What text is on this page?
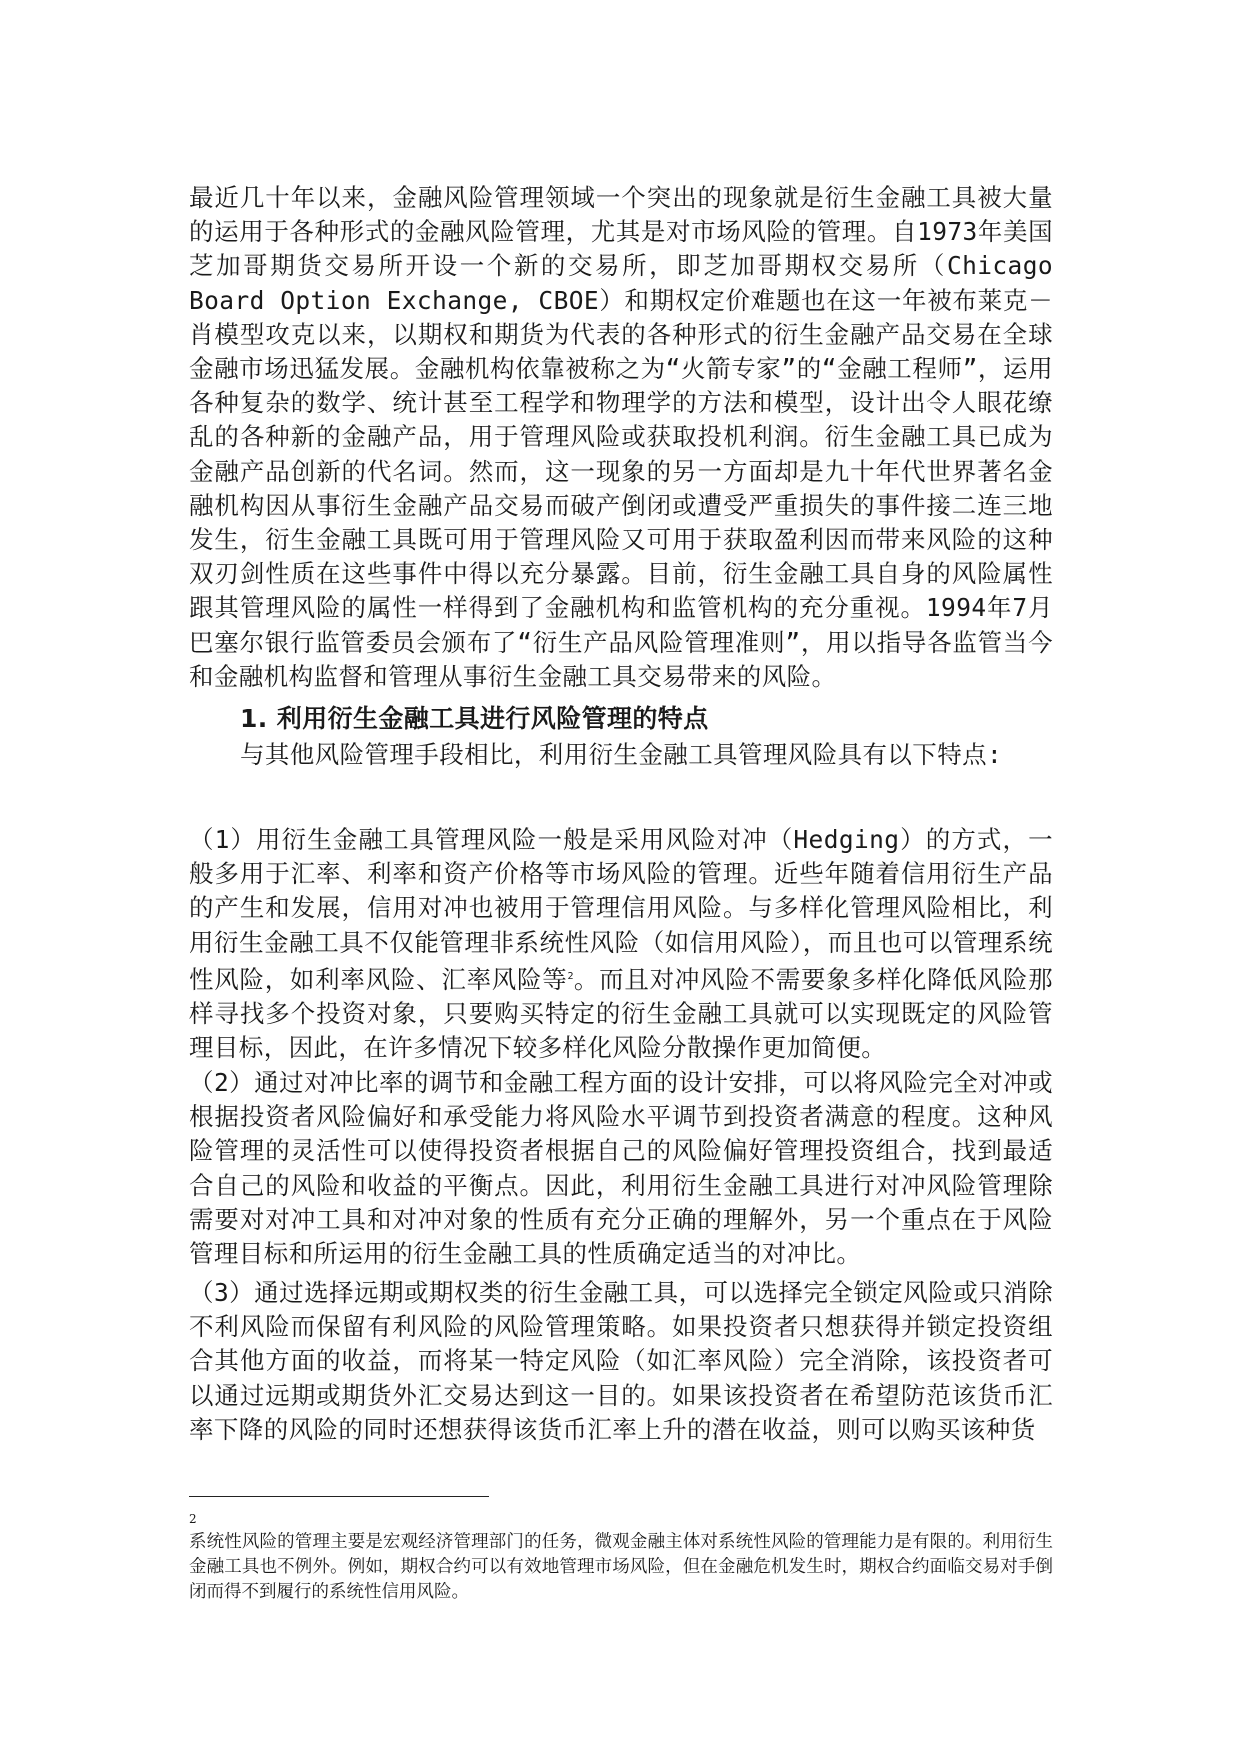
最近几十年以来，金融风险管理领域一个突出的现象就是衍生金融工具被大量的运用于各种形式的金融风险管理，尤其是对市场风险的管理。自1973年美国芝加哥期货交易所开设一个新的交易所，即芝加哥期权交易所（Chicago Board Option Exchange, CBOE）和期权定价难题也在这一年被布莱克－肖模型攻克以来，以期权和期货为代表的各种形式的衍生金融产品交易在全球金融市场迅猛发展。金融机构依靠被称之为“火箭专家”的“金融工程师”，运用各种复杂的数学、统计甚至工程学和物理学的方法和模型，设计出令人眼花缭乱的各种新的金融产品，用于管理风险或获取投机利润。衍生金融工具已成为金融产品创新的代名词。然而，这一现象的另一方面却是九十年代世界著名金融机构因从事衍生金融产品交易而破产倒闭或遭受严重损失的事件接二连三地发生，衍生金融工具既可用于管理风险又可用于获取盈利因而带来风险的这种双刃剑性质在这些事件中得以充分暴露。目前，衍生金融工具自身的风险属性跟其管理风险的属性一样得到了金融机构和监管机构的充分重视。1994年7月巴塞尔银行监管委员会颁布了“衍生产品风险管理准则”，用以指导各监管当今和金融机构监督和管理从事衍生金融工具交易带来的风险。

1. 利用衍生金融工具进行风险管理的特点

与其他风险管理手段相比，利用衍生金融工具管理风险具有以下特点:

（1）用衍生金融工具管理风险一般是采用风险对冲（Hedging）的方式，一般多用于汇率、利率和资产价格等市场风险的管理。近些年随着信用衍生产品的产生和发展，信用对冲也被用于管理信用风险。与多样化管理风险相比，利用衍生金融工具不仅能管理非系统性风险（如信用风险），而且也可以管理系统性风险，如利率风险、汇率风险等$^2$。而且对冲风险不需要象多样化降低风险那样寻找多个投资对象，只要购买特定的衍生金融工具就可以实现既定的风险管理目标，因此，在许多情况下较多样化风险分散操作更加简便。

（2）通过对冲比率的调节和金融工程方面的设计安排，可以将风险完全对冲或根据投资者风险偏好和承受能力将风险水平调节到投资者满意的程度。这种风险管理的灵活性可以使得投资者根据自己的风险偏好管理投资组合，找到最适合自己的风险和收益的平衡点。因此，利用衍生金融工具进行对冲风险管理除需要对对冲工具和对冲对象的性质有充分正确的理解外，另一个重点在于风险管理目标和所运用的衍生金融工具的性质确定适当的对冲比。

（3）通过选择远期或期权类的衍生金融工具，可以选择完全锁定风险或只消除不利风险而保留有利风险的风险管理策略。如果投资者只想获得并锁定投资组合其他方面的收益，而将某一特定风险（如汇率风险）完全消除，该投资者可以通过远期或期货外汇交易达到这一目的。如果该投资者在希望防范该货币汇率下降的风险的同时还想获得该货币汇率上升的潜在收益，则可以购买该种货

2

系统性风险的管理主要是宏观经济管理部门的任务，微观金融主体对系统性风险的管理能力是有限的。利用衍生金融工具也不例外。例如，期权合约可以有效地管理市场风险，但在金融危机发生时，期权合约面临交易对手倒闭而得不到履行的系统性信用风险。
